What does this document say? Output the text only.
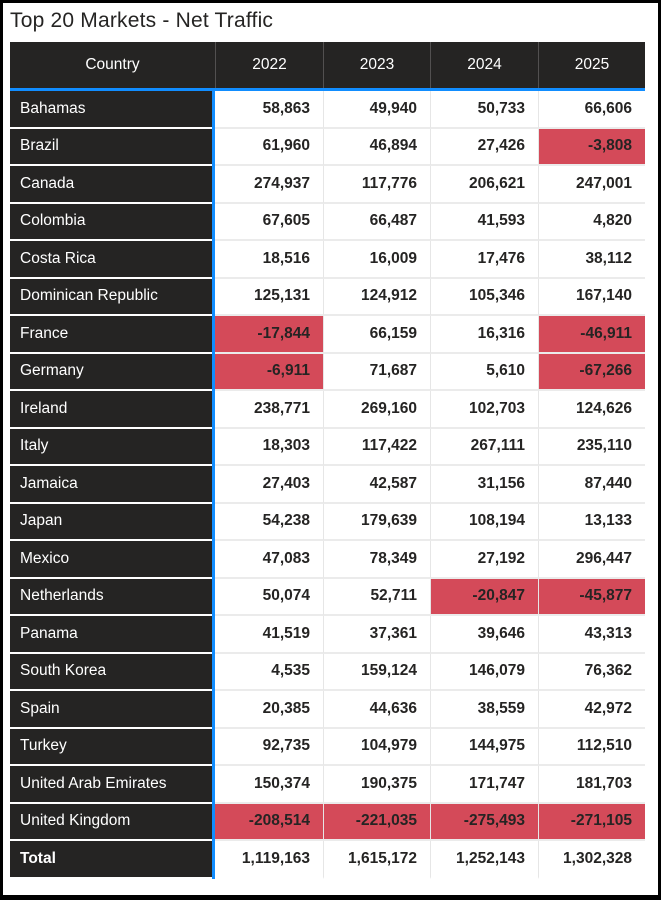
Top 20 Markets - Net Traffic
Country	2022	2023	2024	2025
Bahamas	58,863	49,940	50,733	66,606
Brazil	61,960	46,894	27,426	-3,808
Canada	274,937	117,776	206,621	247,001
Colombia	67,605	66,487	41,593	4,820
Costa Rica	18,516	16,009	17,476	38,112
Dominican Republic	125,131	124,912	105,346	167,140
France	-17,844	66,159	16,316	-46,911
Germany	-6,911	71,687	5,610	-67,266
Ireland	238,771	269,160	102,703	124,626
Italy	18,303	117,422	267,111	235,110
Jamaica	27,403	42,587	31,156	87,440
Japan	54,238	179,639	108,194	13,133
Mexico	47,083	78,349	27,192	296,447
Netherlands	50,074	52,711	-20,847	-45,877
Panama	41,519	37,361	39,646	43,313
South Korea	4,535	159,124	146,079	76,362
Spain	20,385	44,636	38,559	42,972
Turkey	92,735	104,979	144,975	112,510
United Arab Emirates	150,374	190,375	171,747	181,703
United Kingdom	-208,514	-221,035	-275,493	-271,105
Total	1,119,163	1,615,172	1,252,143	1,302,328
